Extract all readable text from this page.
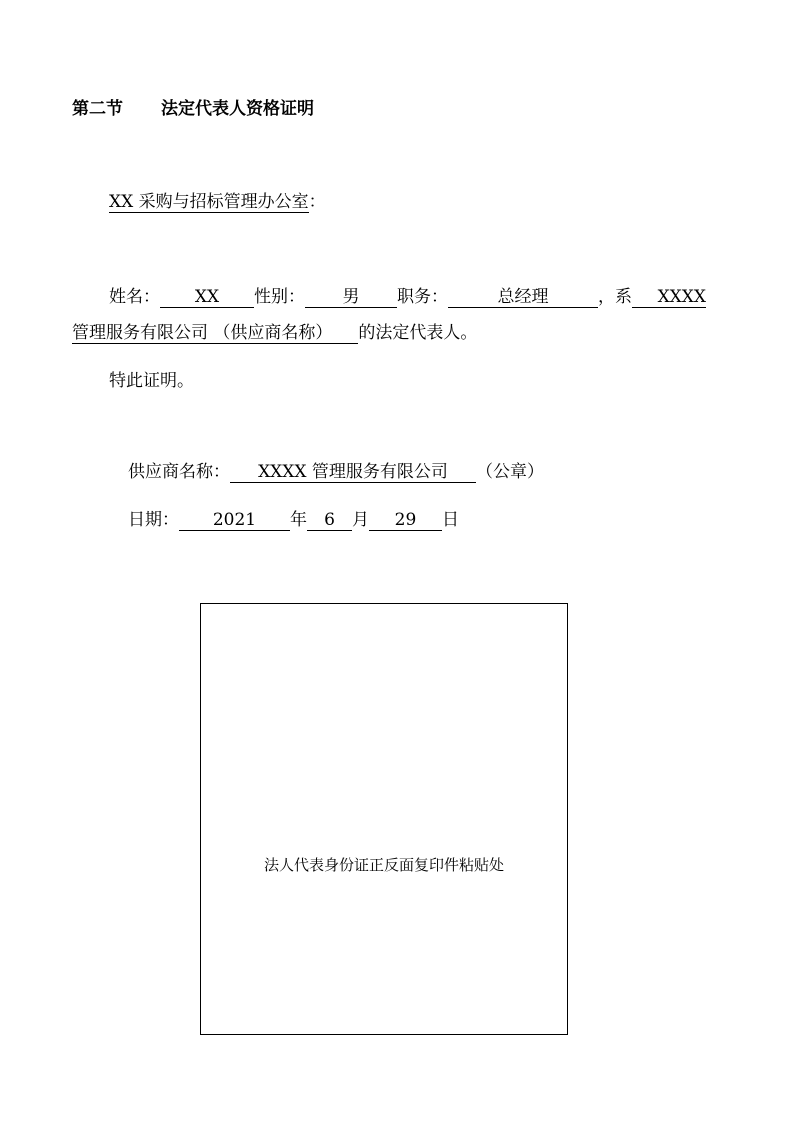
第二节 法定代表人资格证明
XX 采购与招标管理办公室：
姓名： XX 性别： 男 职务：	总经理	，系 XXXX
管理服务有限公司 （供应商名称） 的法定代表人。
特此证明。
供应商名称： XXXX 管理服务有限公司 （公章）
日期： 2021 年 6 月 29 日
法人代表身份证正反面复印件粘贴处
